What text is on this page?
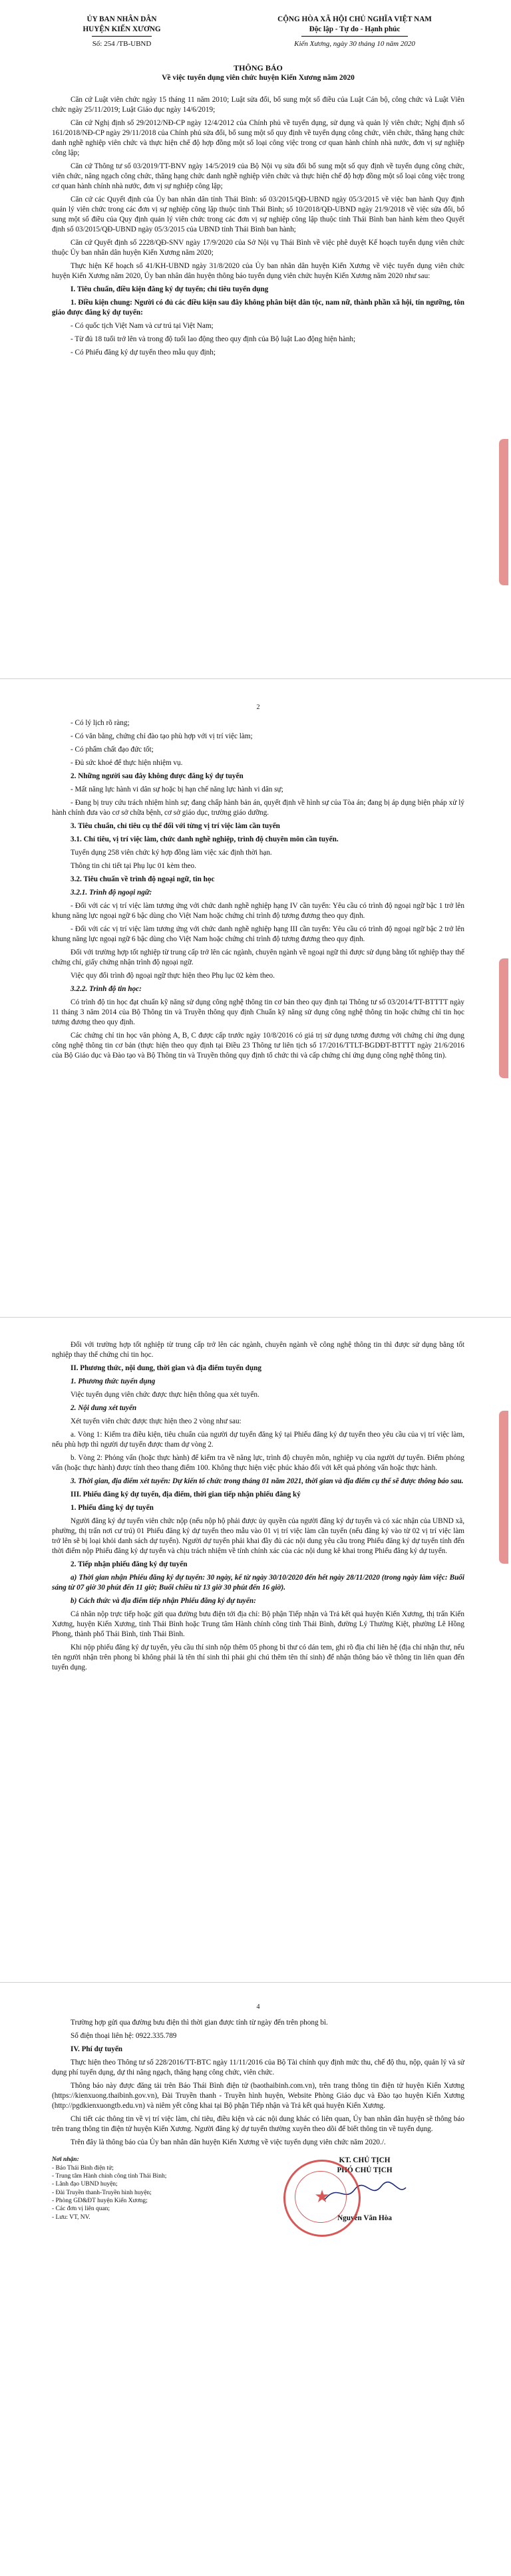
ỦY BAN NHÂN DÂN
HUYỆN KIẾN XƯƠNG
Số: 254 /TB-UBND
CỘNG HÒA XÃ HỘI CHỦ NGHĨA VIỆT NAM
Độc lập - Tự do - Hạnh phúc
Kiến Xương, ngày 30 tháng 10 năm 2020
THÔNG BÁO
Về việc tuyển dụng viên chức huyện Kiến Xương năm 2020

Căn cứ Luật viên chức ngày 15 tháng 11 năm 2010; Luật sửa đổi, bổ sung một số điều của Luật Cán bộ, công chức và Luật Viên chức ngày 25/11/2019; Luật Giáo dục ngày 14/6/2019;

Căn cứ Nghị định số 29/2012/NĐ-CP ngày 12/4/2012 của Chính phủ về tuyển dụng, sử dụng và quản lý viên chức; Nghị định số 161/2018/NĐ-CP ngày 29/11/2018 của Chính phủ sửa đổi, bổ sung một số quy định về tuyển dụng công chức, viên chức, thăng hạng chức danh nghề nghiệp viên chức và thực hiện chế độ hợp đồng một số loại công việc trong cơ quan hành chính nhà nước, đơn vị sự nghiệp công lập;

Căn cứ Thông tư số 03/2019/TT-BNV ngày 14/5/2019 của Bộ Nội vụ sửa đổi bổ sung một số quy định về tuyển dụng công chức, viên chức, nâng ngạch công chức, thăng hạng chức danh nghề nghiệp viên chức và thực hiện chế độ hợp đồng một số loại công việc trong cơ quan hành chính nhà nước, đơn vị sự nghiệp công lập;

Căn cứ các Quyết định của Ủy ban nhân dân tỉnh Thái Bình: số 03/2015/QĐ-UBND ngày 05/3/2015 về việc ban hành Quy định quản lý viên chức trong các đơn vị sự nghiệp công lập thuộc tỉnh Thái Bình; số 10/2018/QĐ-UBND ngày 21/9/2018 về việc sửa đổi, bổ sung một số điều của Quy định quản lý viên chức trong các đơn vị sự nghiệp công lập thuộc tỉnh Thái Bình ban hành kèm theo Quyết định số 03/2015/QĐ-UBND ngày 05/3/2015 của UBND tỉnh Thái Bình ban hành;

Căn cứ Quyết định số 2228/QĐ-SNV ngày 17/9/2020 của Sở Nội vụ Thái Bình về việc phê duyệt Kế hoạch tuyển dụng viên chức thuộc Ủy ban nhân dân huyện Kiến Xương năm 2020;

Thực hiện Kế hoạch số 41/KH-UBND ngày 31/8/2020 của Ủy ban nhân dân huyện Kiến Xương về việc tuyển dụng viên chức huyện Kiến Xương năm 2020, Ủy ban nhân dân huyện thông báo tuyển dụng viên chức huyện Kiến Xương năm 2020 như sau:

I. Tiêu chuẩn, điều kiện đăng ký dự tuyển; chỉ tiêu tuyển dụng

1. Điều kiện chung: Người có đủ các điều kiện sau đây không phân biệt dân tộc, nam nữ, thành phần xã hội, tín ngưỡng, tôn giáo được đăng ký dự tuyển:

- Có quốc tịch Việt Nam và cư trú tại Việt Nam;

- Từ đủ 18 tuổi trở lên và trong độ tuổi lao động theo quy định của Bộ luật Lao động hiện hành;

- Có Phiếu đăng ký dự tuyển theo mẫu quy định;

2

- Có lý lịch rõ ràng;

- Có văn bằng, chứng chỉ đào tạo phù hợp với vị trí việc làm;

- Có phẩm chất đạo đức tốt;

- Đủ sức khoẻ để thực hiện nhiệm vụ.

2. Những người sau đây không được đăng ký dự tuyển

- Mất năng lực hành vi dân sự hoặc bị hạn chế năng lực hành vi dân sự;

- Đang bị truy cứu trách nhiệm hình sự; đang chấp hành bản án, quyết định về hình sự của Tòa án; đang bị áp dụng biện pháp xử lý hành chính đưa vào cơ sở chữa bệnh, cơ sở giáo dục, trường giáo dưỡng.

3. Tiêu chuẩn, chỉ tiêu cụ thể đối với từng vị trí việc làm cần tuyển

3.1. Chỉ tiêu, vị trí việc làm, chức danh nghề nghiệp, trình độ chuyên môn cần tuyển.

Tuyển dụng 258 viên chức ký hợp đồng làm việc xác định thời hạn.

Thông tin chi tiết tại Phụ lục 01 kèm theo.

3.2. Tiêu chuẩn về trình độ ngoại ngữ, tin học

3.2.1. Trình độ ngoại ngữ:

- Đối với các vị trí việc làm tương ứng với chức danh nghề nghiệp hạng IV cần tuyển: Yêu cầu có trình độ ngoại ngữ bậc 1 trở lên khung năng lực ngoại ngữ 6 bậc dùng cho Việt Nam hoặc chứng chỉ trình độ tương đương theo quy định.

- Đối với các vị trí việc làm tương ứng với chức danh nghề nghiệp hạng III cần tuyển: Yêu cầu có trình độ ngoại ngữ bậc 2 trở lên khung năng lực ngoại ngữ 6 bậc dùng cho Việt Nam hoặc chứng chỉ trình độ tương đương theo quy định.

Đối với trường hợp tốt nghiệp từ trung cấp trở lên các ngành, chuyên ngành về ngoại ngữ thì được sử dụng bằng tốt nghiệp thay thế chứng chỉ, giấy chứng nhận trình độ ngoại ngữ.

Việc quy đổi trình độ ngoại ngữ thực hiện theo Phụ lục 02 kèm theo.

3.2.2. Trình độ tin học:

Có trình độ tin học đạt chuẩn kỹ năng sử dụng công nghệ thông tin cơ bản theo quy định tại Thông tư số 03/2014/TT-BTTTT ngày 11 tháng 3 năm 2014 của Bộ Thông tin và Truyền thông quy định Chuẩn kỹ năng sử dụng công nghệ thông tin hoặc chứng chỉ tin học tương đương theo quy định.

Các chứng chỉ tin học văn phòng A, B, C được cấp trước ngày 10/8/2016 có giá trị sử dụng tương đương với chứng chỉ ứng dụng công nghệ thông tin cơ bản (thực hiện theo quy định tại Điều 23 Thông tư liên tịch số 17/2016/TTLT-BGDĐT-BTTTT ngày 21/6/2016 của Bộ Giáo dục và Đào tạo và Bộ Thông tin và Truyền thông quy định tổ chức thi và cấp chứng chỉ ứng dụng công nghệ thông tin).

Đối với trường hợp tốt nghiệp từ trung cấp trở lên các ngành, chuyên ngành về công nghệ thông tin thì được sử dụng bằng tốt nghiệp thay thế chứng chỉ tin học.

II. Phương thức, nội dung, thời gian và địa điểm tuyển dụng

1. Phương thức tuyển dụng

Việc tuyển dụng viên chức được thực hiện thông qua xét tuyển.

2. Nội dung xét tuyển

Xét tuyển viên chức được thực hiện theo 2 vòng như sau:

a. Vòng 1: Kiểm tra điều kiện, tiêu chuẩn của người dự tuyển đăng ký tại Phiếu đăng ký dự tuyển theo yêu cầu của vị trí việc làm, nếu phù hợp thì người dự tuyển được tham dự vòng 2.

b. Vòng 2: Phỏng vấn (hoặc thực hành) để kiểm tra về năng lực, trình độ chuyên môn, nghiệp vụ của người dự tuyển. Điểm phỏng vấn (hoặc thực hành) được tính theo thang điểm 100. Không thực hiện việc phúc khảo đối với kết quả phỏng vấn hoặc thực hành.

3. Thời gian, địa điểm xét tuyển: Dự kiến tổ chức trong tháng 01 năm 2021, thời gian và địa điểm cụ thể sẽ được thông báo sau.

III. Phiếu đăng ký dự tuyển, địa điểm, thời gian tiếp nhận phiếu đăng ký

1. Phiếu đăng ký dự tuyển

Người đăng ký dự tuyển viên chức nộp (nếu nộp hộ phải được ủy quyền của người đăng ký dự tuyển và có xác nhận của UBND xã, phường, thị trấn nơi cư trú) 01 Phiếu đăng ký dự tuyển theo mẫu vào 01 vị trí việc làm cần tuyển (nếu đăng ký vào từ 02 vị trí việc làm trở lên sẽ bị loại khỏi danh sách dự tuyển). Người dự tuyển phải khai đầy đủ các nội dung yêu cầu trong Phiếu đăng ký dự tuyển tính đến thời điểm nộp Phiếu đăng ký dự tuyển và chịu trách nhiệm về tính chính xác của các nội dung kê khai trong Phiếu đăng ký dự tuyển.

2. Tiếp nhận phiếu đăng ký dự tuyển

a) Thời gian nhận Phiếu đăng ký dự tuyển: 30 ngày, kể từ ngày 30/10/2020 đến hết ngày 28/11/2020 (trong ngày làm việc: Buổi sáng từ 07 giờ 30 phút đến 11 giờ; Buổi chiều từ 13 giờ 30 phút đến 16 giờ).

b) Cách thức và địa điểm tiếp nhận Phiếu đăng ký dự tuyển:

Cá nhân nộp trực tiếp hoặc gửi qua đường bưu điện tới địa chỉ: Bộ phận Tiếp nhận và Trả kết quả huyện Kiến Xương, thị trấn Kiến Xương, huyện Kiến Xương, tỉnh Thái Bình hoặc Trung tâm Hành chính công tỉnh Thái Bình, đường Lý Thường Kiệt, phường Lê Hồng Phong, thành phố Thái Bình, tỉnh Thái Bình.

Khi nộp phiếu đăng ký dự tuyển, yêu cầu thí sinh nộp thêm 05 phong bì thư có dán tem, ghi rõ địa chỉ liên hệ (địa chỉ nhận thư, nếu tên người nhận trên phong bì không phải là tên thí sinh thì phải ghi chú thêm tên thí sinh) để nhận thông báo về thông tin liên quan đến tuyển dụng.

4

Trường hợp gửi qua đường bưu điện thì thời gian được tính từ ngày đến trên phong bì.

Số điện thoại liên hệ: 0922.335.789

IV. Phí dự tuyển

Thực hiện theo Thông tư số 228/2016/TT-BTC ngày 11/11/2016 của Bộ Tài chính quy định mức thu, chế độ thu, nộp, quản lý và sử dụng phí tuyển dụng, dự thi nâng ngạch, thăng hạng công chức, viên chức.

Thông báo này được đăng tải trên Báo Thái Bình điện tử (baothaibinh.com.vn), trên trang thông tin điện tử huyện Kiến Xương (https://kienxuong.thaibinh.gov.vn), Đài Truyền thanh - Truyền hình huyện, Website Phòng Giáo dục và Đào tạo huyện Kiến Xương (http://pgdkienxuongtb.edu.vn) và niêm yết công khai tại Bộ phận Tiếp nhận và Trả kết quả huyện Kiến Xương.

Chi tiết các thông tin về vị trí việc làm, chỉ tiêu, điều kiện và các nội dung khác có liên quan, Ủy ban nhân dân huyện sẽ thông báo trên trang thông tin điện tử huyện Kiến Xương. Người đăng ký dự tuyển thường xuyên theo dõi để biết thông tin về tuyển dụng.

Trên đây là thông báo của Ủy ban nhân dân huyện Kiến Xương về việc tuyển dụng viên chức năm 2020./.

Nơi nhận:
- Báo Thái Bình điện tử;
- Trung tâm Hành chính công tỉnh Thái Bình;
- Lãnh đạo UBND huyện;
- Đài Truyền thanh-Truyền hình huyện;
- Phòng GD&ĐT huyện Kiến Xương;
- Các đơn vị liên quan;
- Lưu: VT, NV.
KT. CHỦ TỊCH
PHÓ CHỦ TỊCH
★
Nguyễn Văn Hòa
